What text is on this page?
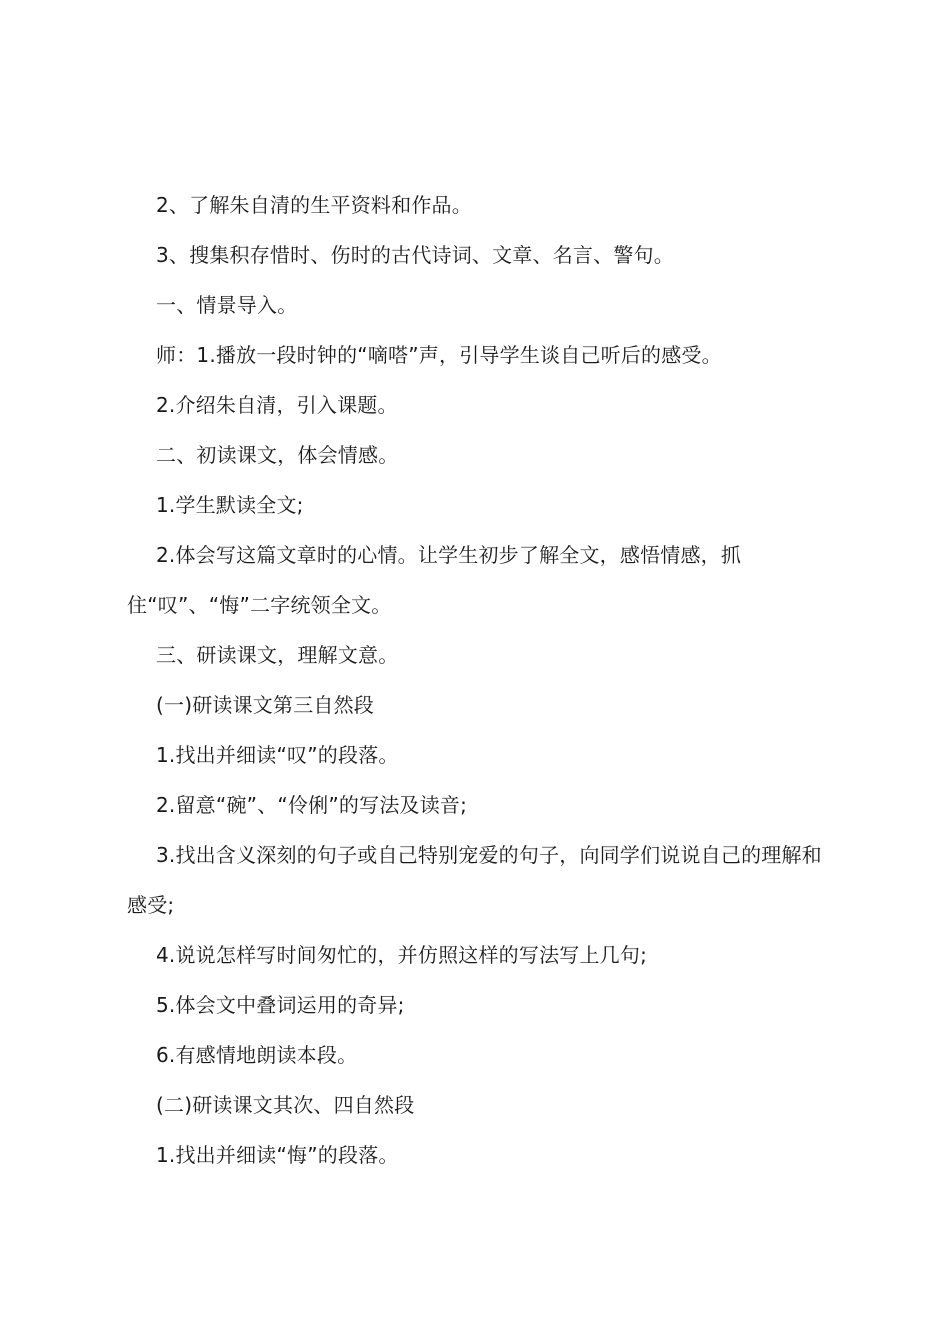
2、了解朱自清的生平资料和作品。

3、搜集积存惜时、伤时的古代诗词、文章、名言、警句。

一、情景导入。

师：1.播放一段时钟的“嘀嗒”声，引导学生谈自己听后的感受。

2.介绍朱自清，引入课题。

二、初读课文，体会情感。

1.学生默读全文;

2.体会写这篇文章时的心情。让学生初步了解全文，感悟情感，抓住“叹”、“悔”二字统领全文。

三、研读课文，理解文意。

(一)研读课文第三自然段

1.找出并细读“叹”的段落。

2.留意“碗”、“伶俐”的写法及读音;

3.找出含义深刻的句子或自己特别宠爱的句子，向同学们说说自己的理解和感受;

4.说说怎样写时间匆忙的，并仿照这样的写法写上几句;

5.体会文中叠词运用的奇异;

6.有感情地朗读本段。

(二)研读课文其次、四自然段

1.找出并细读“悔”的段落。
